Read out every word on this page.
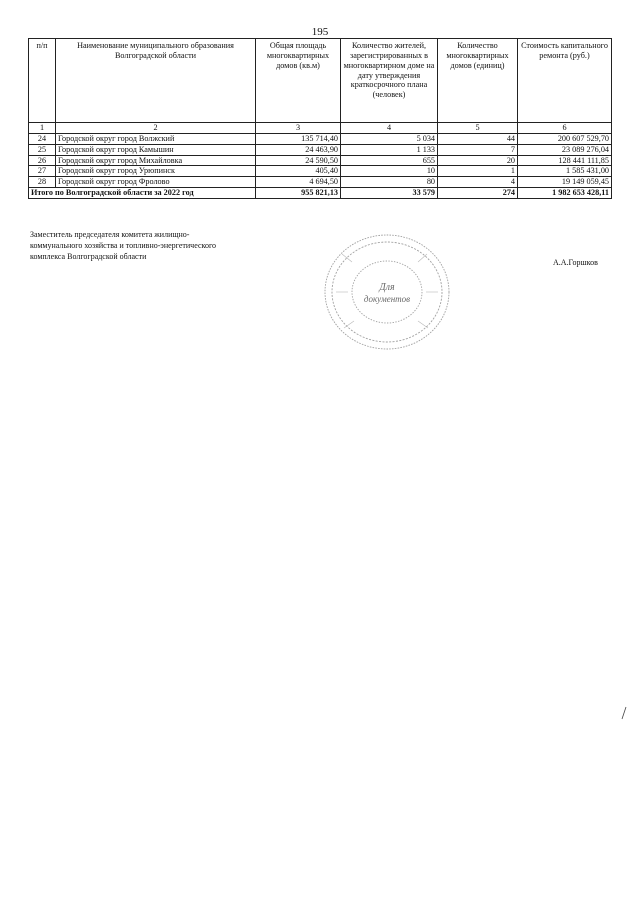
195
п/п	Наименование муниципального образования Волгоградской области	Общая площадь многоквартирных домов (кв.м)	Количество жителей, зарегистрированных в многоквартирном доме на дату утверждения краткосрочного плана (человек)	Количество многоквартирных домов (единиц)	Стоимость капитального ремонта (руб.)
1	2	3	4	5	6
24	Городской округ город Волжский	135 714,40	5 034	44	200 607 529,70
25	Городской округ город Камышин	24 463,90	1 133	7	23 089 276,04
26	Городской округ город Михайловка	24 590,50	655	20	128 441 111,85
27	Городской округ город Урюпинск	405,40	10	1	1 585 431,00
28	Городской округ город Фролово	4 694,50	80	4	19 149 059,45
Итого по Волгоградской области за 2022 год		955 821,13	33 579	274	1 982 653 428,11
Заместитель председателя комитета жилищно-
коммунального хозяйства и топливно-энергетического
комплекса Волгоградской области
А.А.Горшков
Для
документов
